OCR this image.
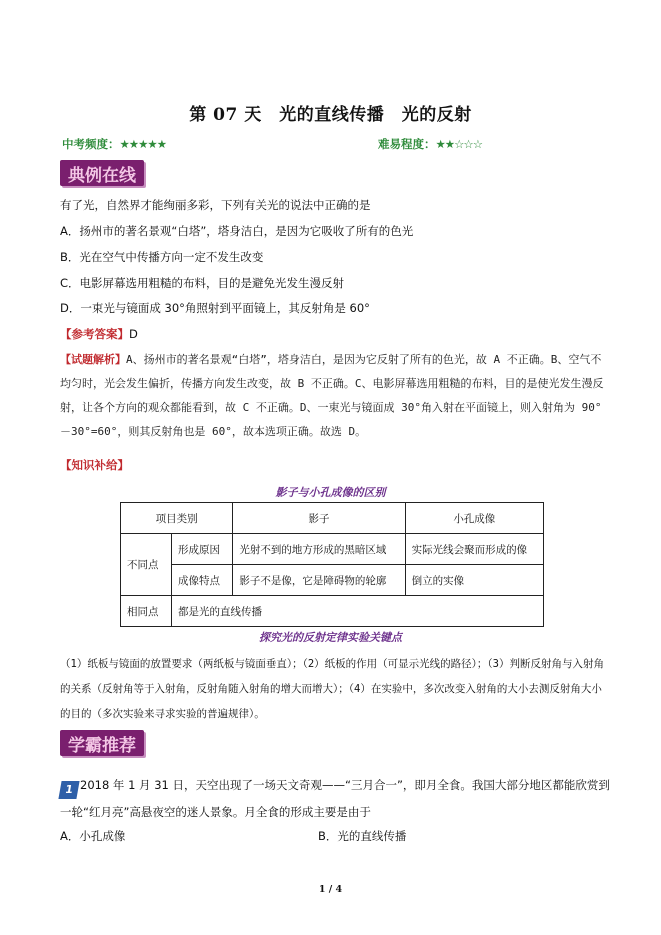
第 07 天　光的直线传播　光的反射
中考频度：★★★★★	难易程度：★★☆☆☆
典例在线
有了光，自然界才能绚丽多彩，下列有关光的说法中正确的是
A．扬州市的著名景观“白塔”，塔身洁白，是因为它吸收了所有的色光
B．光在空气中传播方向一定不发生改变
C．电影屏幕选用粗糙的布料，目的是避免光发生漫反射
D．一束光与镜面成 30°角照射到平面镜上，其反射角是 60°
【参考答案】D
【试题解析】A、扬州市的著名景观“白塔”，塔身洁白，是因为它反射了所有的色光，故 A 不正确。B、空气不均匀时，光会发生偏折，传播方向发生改变，故 B 不正确。C、电影屏幕选用粗糙的布料，目的是使光发生漫反射，让各个方向的观众都能看到，故 C 不正确。D、一束光与镜面成 30°角入射在平面镜上，则入射角为 90°－30°=60°，则其反射角也是 60°，故本选项正确。故选 D。
【知识补给】
影子与小孔成像的区别
项目类别		影子	小孔成像
不同点	形成原因	光射不到的地方形成的黑暗区域	实际光线会聚而形成的像
	成像特点	影子不是像，它是障碍物的轮廓	倒立的实像
相同点	都是光的直线传播		
探究光的反射定律实验关键点
（1）纸板与镜面的放置要求（两纸板与镜面垂直）；（2）纸板的作用（可显示光线的路径）；（3）判断反射角与入射角的关系（反射角等于入射角，反射角随入射角的增大而增大）；（4）在实验中，多次改变入射角的大小去测反射角大小的目的（多次实验来寻求实验的普遍规律）。
学霸推荐
1 2018 年 1 月 31 日，天空出现了一场天文奇观——“三月合一”，即月全食。我国大部分地区都能欣赏到一轮“红月亮”高悬夜空的迷人景象。月全食的形成主要是由于
A．小孔成像	B．光的直线传播
1 / 4
